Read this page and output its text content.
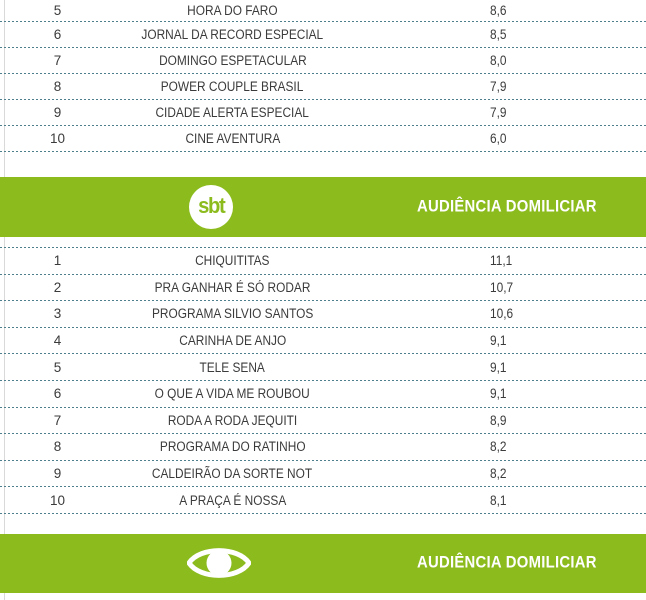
5	HORA DO FARO	8,6
6	JORNAL DA RECORD ESPECIAL	8,5
7	DOMINGO ESPETACULAR	8,0
8	POWER COUPLE BRASIL	7,9
9	CIDADE ALERTA ESPECIAL	7,9
10	CINE AVENTURA	6,0
sbt	AUDIÊNCIA DOMILICIAR
1	CHIQUITITAS	11,1
2	PRA GANHAR É SÓ RODAR	10,7
3	PROGRAMA SILVIO SANTOS	10,6
4	CARINHA DE ANJO	9,1
5	TELE SENA	9,1
6	O QUE A VIDA ME ROUBOU	9,1
7	RODA A RODA JEQUITI	8,9
8	PROGRAMA DO RATINHO	8,2
9	CALDEIRÃO DA SORTE NOT	8,2
10	A PRAÇA É NOSSA	8,1
AUDIÊNCIA DOMILICIAR
